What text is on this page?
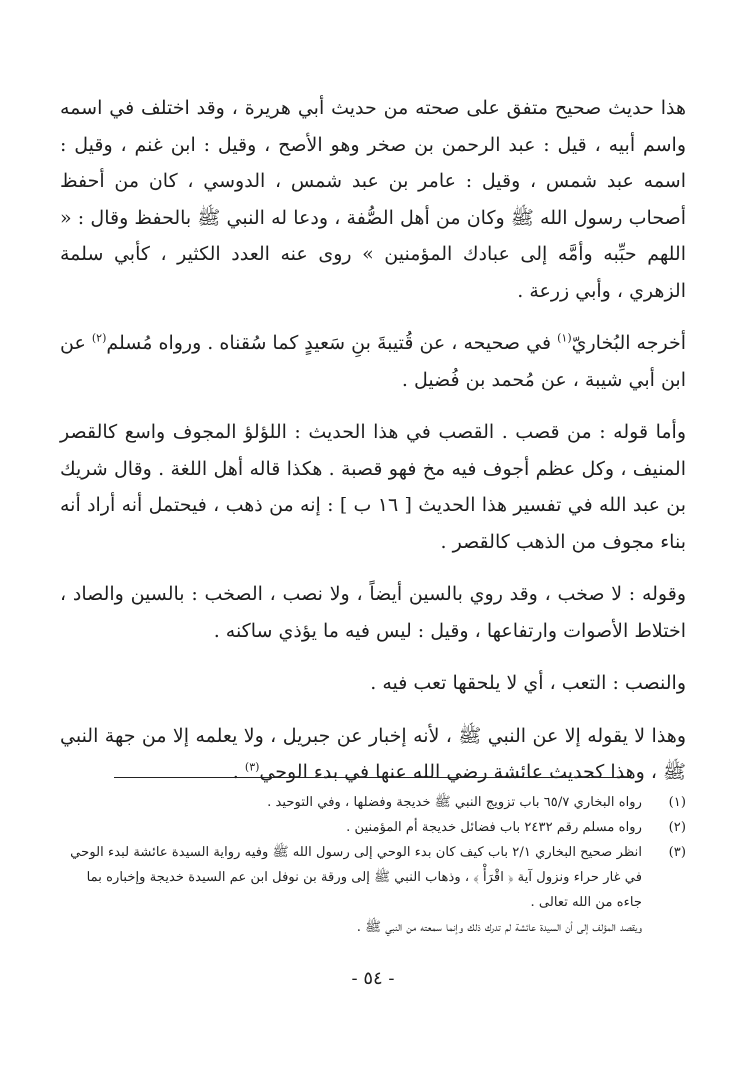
هذا حديث صحيح متفق على صحته من حديث أبي هريرة ، وقد اختلف في اسمه واسم أبيه ، قيل : عبد الرحمن بن صخر وهو الأصح ، وقيل : ابن غنم ، وقيل : اسمه عبد شمس ، وقيل : عامر بن عبد شمس ، الدوسي ، كان من أحفظ أصحاب رسول الله ﷺ وكان من أهل الصُّفة ، ودعا له النبي ﷺ بالحفظ وقال : « اللهم حبِّبه وأمَّه إلى عبادك المؤمنين » روى عنه العدد الكثير ، كأبي سلمة الزهري ، وأبي زرعة .

أخرجه البُخاريّ$^{(١)}$ في صحيحه ، عن قُتيبةَ بنِ سَعيدٍ كما سُقناه . ورواه مُسلم$^{(٢)}$ عن ابن أبي شيبة ، عن مُحمد بن فُضيل .

وأما قوله : من قصب . القصب في هذا الحديث : اللؤلؤ المجوف واسع كالقصر المنيف ، وكل عظم أجوف فيه مخ فهو قصبة . هكذا قاله أهل اللغة . وقال شريك بن عبد الله في تفسير هذا الحديث [ ١٦ ب ] : إنه من ذهب ، فيحتمل أنه أراد أنه بناء مجوف من الذهب كالقصر .

وقوله : لا صخب ، وقد روي بالسين أيضاً ، ولا نصب ، الصخب : بالسين والصاد ، اختلاط الأصوات وارتفاعها ، وقيل : ليس فيه ما يؤذي ساكنه .

والنصب : التعب ، أي لا يلحقها تعب فيه .

وهذا لا يقوله إلا عن النبي ﷺ ، لأنه إخبار عن جبريل ، ولا يعلمه إلا من جهة النبي ﷺ ، وهذا كحديث عائشة رضي الله عنها في بدء الوحي$^{(٣)}$ .

(١)
رواه البخاري ٦٥/٧ باب تزويج النبي ﷺ خديجة وفضلها ، وفي التوحيد .
(٢)
رواه مسلم رقم ٢٤٣٢ باب فضائل خديجة أم المؤمنين .
(٣)
انظر صحيح البخاري ٢/١ باب كيف كان بدء الوحي إلى رسول الله ﷺ وفيه رواية السيدة عائشة لبدء الوحي في غار حراء ونزول آية ﴿ اقْرَأْ ﴾ ، وذهاب النبي ﷺ إلى ورقة بن نوفل ابن عم السيدة خديجة وإخباره بما جاءه من الله تعالى .

ويقصد المؤلف إلى أن السيدة عائشة لم تدرك ذلك وإنما سمعته من النبي ﷺ .

- ٥٤ -
